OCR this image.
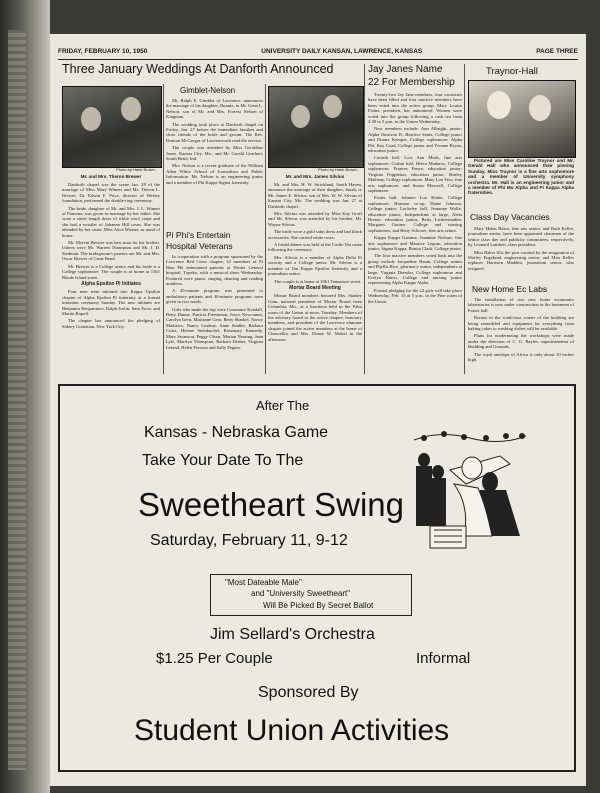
FRIDAY, FEBRUARY 10, 1950	UNIVERSITY DAILY KANSAN, LAWRENCE, KANSAS	PAGE THREE
Three January Weddings At Danforth Announced
Photo by Hank Brown.
Mr. and Mrs. Theron Brewer

Danforth chapel was the scene Jan. 28 of the marriage of Miss Mary Winner and Mr. Theron L. Brewer. Dr. Edwin F. Price, director of Wesley foundation, performed the double-ring ceremony.

The bride, daughter of Mr. and Mrs. J. L. Winner of Pomona, was given in marriage by her father. She wore a street length dress of white wool crepe and she had a wristlet of Johanna Hill roses. She was attended by her sister, Miss Alice Winner, as maid of honor.

Mr. Mervin Brewer was best man for his brother. Ushers were Mr. Warren Thompson and Mr. J. D. Stedman. The bridegroom's parents are Mr. and Mrs. Oscar Brewer of Great Bend.

Mr. Brewer is a College senior and his bride is a College sophomore. The couple is at home at 1361 Rhode Island street.

Alpha Epsilon Pi Initiates

Four men were initiated into Kappa Upsilon chapter of Alpha Epsilon Pi fraternity at a formal initiation ceremony Sunday. The new initiates are Benjamin Benjaminov, Ralph Joslin, Sam Price, and Martin Rapoff.

The chapter has announced the pledging of Sidney Gotteman, New York City.

Gimblet-Nelson

Mr. Ralph E. Gimblet of Lawrence, announces the marriage of his daughter, Bonnie, to Mr. Gene L. Nelson, son of Mr. and Mrs. Forrest Nelson of Kingman.

The wedding took place at Danforth chapel on Friday, Jan. 27 before the immediate families and close friends of the bride and groom. The Rev. Duncan McGregor of Leavenworth read the service.

The couple was attended by Miss Geraldine Jones, Kansas City, Mo., and Mr. Gerald Gearhart, South Bend, Ind.

Mrs. Nelson is a recent graduate of the William Allen White School of Journalism and Public Information. Mr. Nelson is an engineering junior and a member of Phi Kappa Sigma fraternity.

Pi Phi's Entertain
Hospital Veterans

In cooperation with a program sponsored by the Lawrence Red Cross chapter, 22 members of Pi Beta Phi entertained patients at Winter General hospital, Topeka, with a musical show Wednesday. Featured were piano, singing, dancing and reading numbers.

A 45-minute program was presented to ambulatory patients and 30-minute programs were given in two wards.

Girls who made the trip were Constance Kendall, Betty Dunne, Patricia Freeannon, Joyce Newcomer, Carolyn Isern, Marianne Gear, Betty Sharkel, Nancy Mathews, Nancy Lindsay, Anne Stadler, Barbara Coats, Helene Steinbuchel, Rosemary Kennedy, Mary Swanson, Peggy Olson, Marian Nearing, Jean Lyle, Marilyn Thompson, Barbara Draher, Virginia Ireland, Helen Persson and Sally Pegues.

Photo by Hank Brown.
Mr. and Mrs. James Silvius

Mr. and Mrs. H. W. Strickland, South Haven, announce the marriage of their daughter, Sarah, to Mr. James E. Silvius, son of Mrs. W. W. Silvius of Kansas City, Mo. The wedding was Jan. 27 at Danforth chapel.

Mrs. Silvius was attended by Miss Kay Groff and Mr. Silvius was attended by his brother, Mr. Wayne Silvius.

The bride wore a gold satin dress and had black accessories. She carried white roses.

A bridal dinner was held at the Castle Tea room following the ceremony.

Mrs. Silvius is a member of Alpha Delta Pi sorority and a College junior. Mr. Silvius is a member of Tau Kappa Epsilon fraternity and a journalism senior.

The couple is at home at 1061 Tennessee street.

Mortar Board Meeting

Mortar Board members honored Mrs. Stanley Ginn, national president of Mortar Board from Columbia, Mo., at a luncheon held in the Palm room of the Union at noon, Tuesday. Members of the advisory board to the active chapter, honorary members, and president of the Lawrence alumnae chapter joined the active members at the home of Chancellor and Mrs. Deane W. Malott in the afternoon.

Jay Janes Name
22 For Membership

Twenty-two Jay Jane members, four vacancies have been filled and four inactive members have been voted into the active group, Mary Louise Fisher, president, has announced. Women were voted into the group following a rush tea from 2:30 to 5 p.m. in the Union Wednesday.

New members include: Ann Albright, junior; Alpha Omicron Pi, Beatrice Sener, College junior and Donna Kemper, College sophomore; Alpha Phi, Kay Coad, College junior and Yvonne Bryan, education junior.

Carruth hall, Lois Ann Mails, fine arts sophomore; Corbin hall, Helen Madaros, College sophomore, Frances Fence, education junior; Virginia Poppleton, education junior, Shirley Matheny, College sophomore, Mary Lou Vess, fine arts sophomore, and Susan Maxwell, College sophomore.

Foster hall, Johnnie Lou Shafer, College sophomore; Harmon co-op, Diane Johnson, College junior; Lockeley hall, Jeannine Wolfe, education junior; Independents at large, Aleta Brown, education junior, Betty Lichtenstadter, Margaret Gartner, College and nursing sophomores, and Betty Schoore, fine arts senior.

Kappa Kappa Gamma, Jeannine Neibart, fine arts sophomore and Maurice Legom, education junior; Sigma Kappa, Bonita Clark, College junior.

The four inactive members voted back into the group include Jacqueline Baum, College senior and Phyllis Rice, pharmacy senior, independents at large; Virginia Dressler, College sophomore and Evelyn Harris, College and nursing junior representing Alpha Kappa Alpha.

Formal pledging for the 22 girls will take place Wednesday, Feb. 15 at 5 p.m. in the Pine room of the Union.

Traynor-Hall

Pictured are Miss Caroline Traynor and Mr. Gerald Hall who announced their pinning Sunday. Miss Traynor is a fine arts sophomore and a member of University symphony orchestra. Mr. Hall is an engineering junior and a member of Phi Mu Alpha and Pi Kappa Alpha fraternities.

Class Day Vacancies

Mary Helen Baker, fine arts senior, and Ruth Keller, journalism senior, have been appointed chairmen of the senior class day and publicity committees, respectively, by Leonard Lambert, class president.

Miss Baker fills the post vacated by the resignation of Shirley Engelund, engineering senior, and Miss Keller replaces Harrison Madden, journalism senior, who resigned.

New Home Ec Labs

The installation of two new home economics laboratories is now under construction in the basement of Fraser hall.

Rooms in the south-east corner of the building are being remodeled and equipment for everything from baking cakes to washing dishes will be available.

Plans for modernizing the workshops were made under the direction of C. G. Bayles, superintendent of Building and Grounds.

The royal antelope of Africa is only about 10 inches high.

After The
Kansas - Nebraska Game
Take Your Date To The
Sweetheart Swing
Saturday, February 11, 9-12
"Most Dateable Male"
and "University Sweetheart"
Will Be Picked By Secret Ballot
Jim Sellard's Orchestra
$1.25 Per Couple	Informal
Sponsored By
Student Union Activities
